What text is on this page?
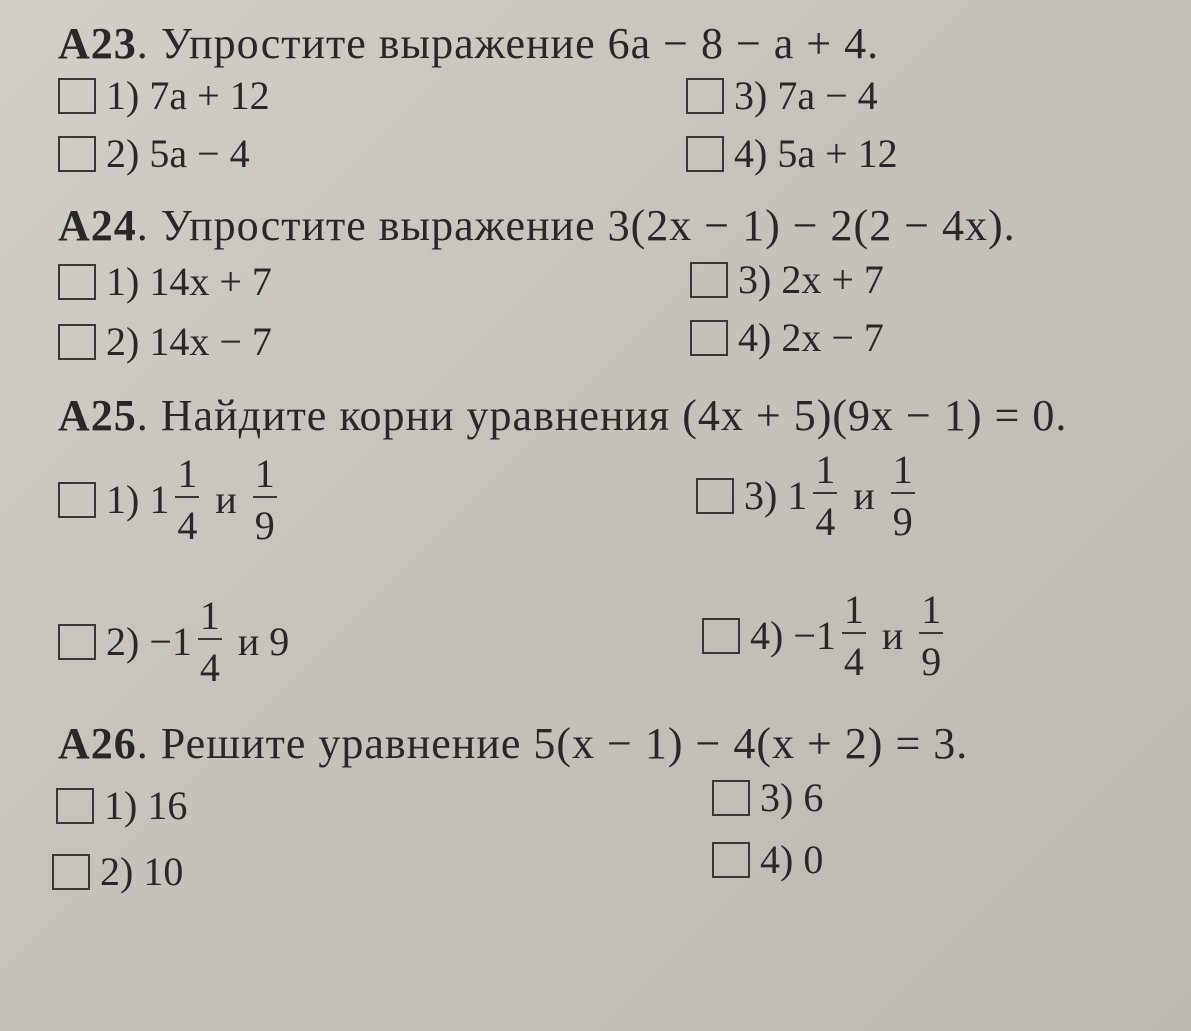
A23. Упростите выражение 6a − 8 − a + 4.
1) 7a + 12
2) 5a − 4
3) 7a − 4
4) 5a + 12
A24. Упростите выражение 3(2x − 1) − 2(2 − 4x).
1) 14x + 7
2) 14x − 7
3) 2x + 7
4) 2x − 7
A25. Найдите корни уравнения (4x + 5)(9x − 1) = 0.
1) $1 \frac{1}{4}$ и $\frac{1}{9}$
$2) -1 \frac{1}{4}$ и 9
3) $1 \frac{1}{4}$ и $\frac{1}{9}$
$4) -1 \frac{1}{4}$ и $\frac{1}{9}$
A26. Решите уравнение 5(x − 1) − 4(x + 2) = 3.
1) 16
2) 10
3) 6
4) 0
